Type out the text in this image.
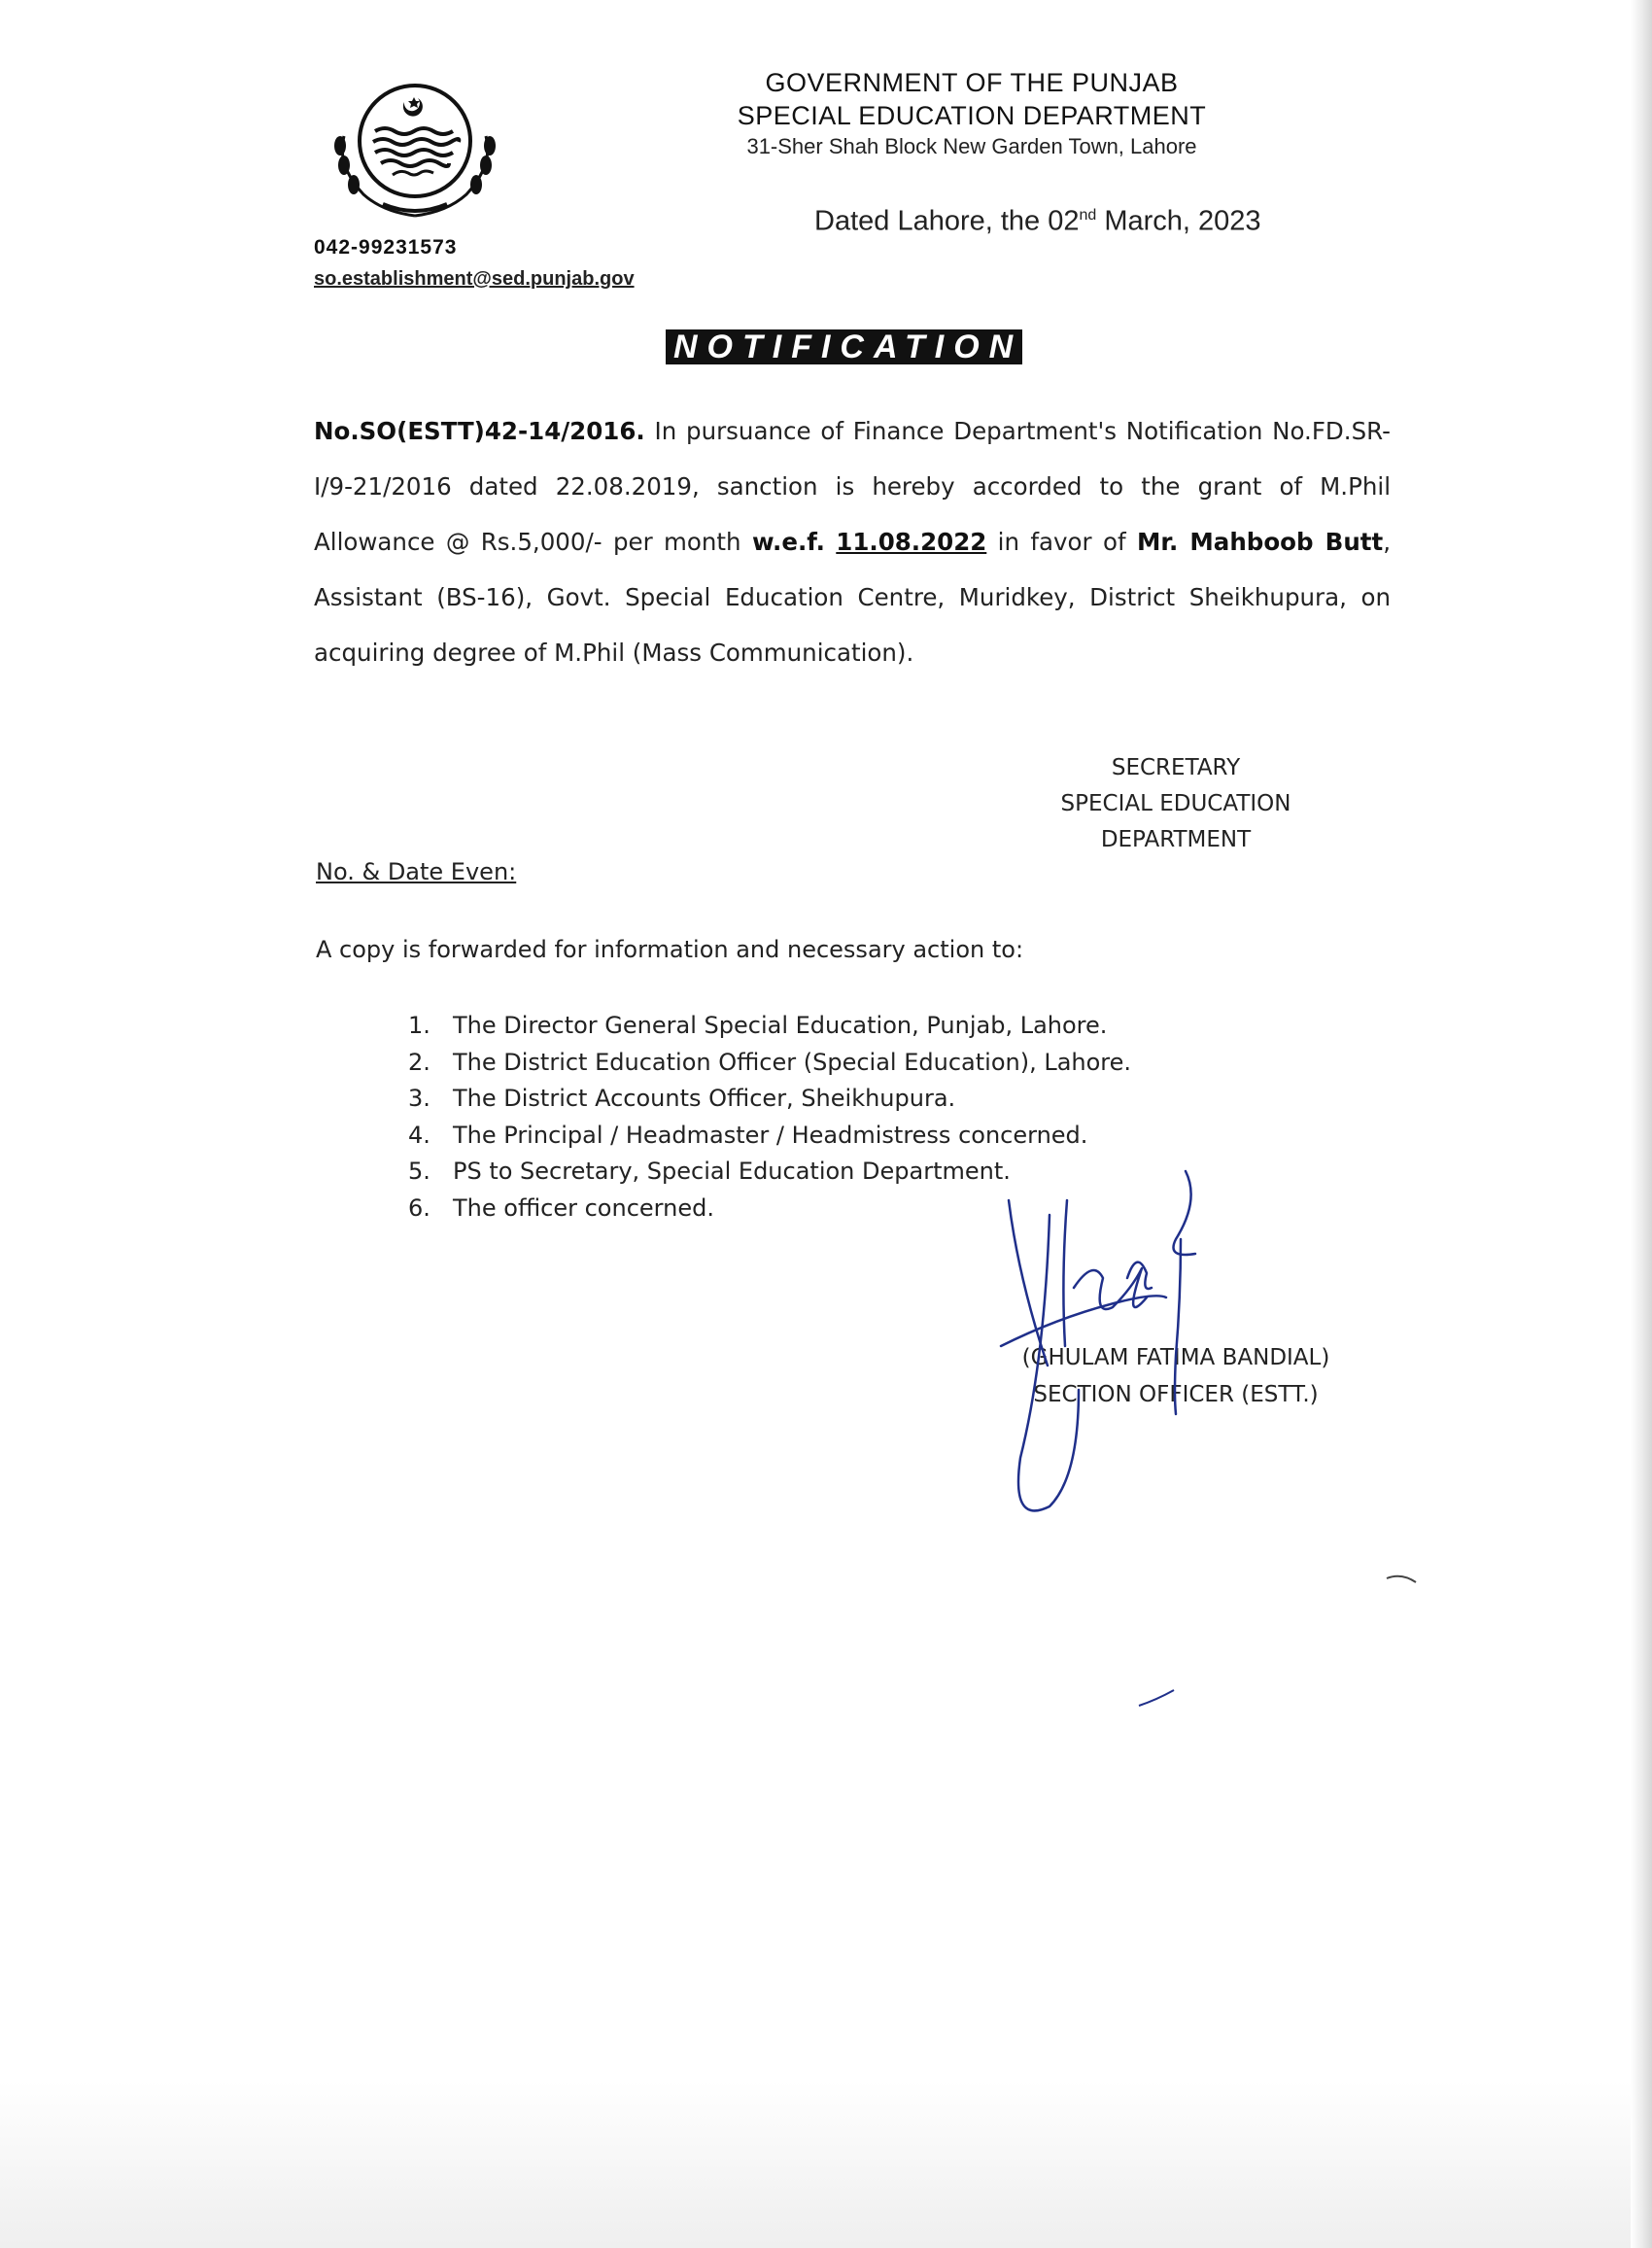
GOVERNMENT OF THE PUNJAB
SPECIAL EDUCATION DEPARTMENT
31-Sher Shah Block New Garden Town, Lahore
Dated Lahore, the 02nd March, 2023
042-99231573
so.establishment@sed.punjab.gov
NOTIFICATION
No.SO(ESTT)42-14/2016. In pursuance of Finance Department's Notification No.FD.SR-I/9-21/2016 dated 22.08.2019, sanction is hereby accorded to the grant of M.Phil Allowance @ Rs.5,000/- per month w.e.f. 11.08.2022 in favor of Mr. Mahboob Butt, Assistant (BS-16), Govt. Special Education Centre, Muridkey, District Sheikhupura, on acquiring degree of M.Phil (Mass Communication).
SECRETARY
SPECIAL EDUCATION
DEPARTMENT
No. & Date Even:
A copy is forwarded for information and necessary action to:
1. The Director General Special Education, Punjab, Lahore.
2. The District Education Officer (Special Education), Lahore.
3. The District Accounts Officer, Sheikhupura.
4. The Principal / Headmaster / Headmistress concerned.
5. PS to Secretary, Special Education Department.
6. The officer concerned.
(GHULAM FATIMA BANDIAL)
SECTION OFFICER (ESTT.)
